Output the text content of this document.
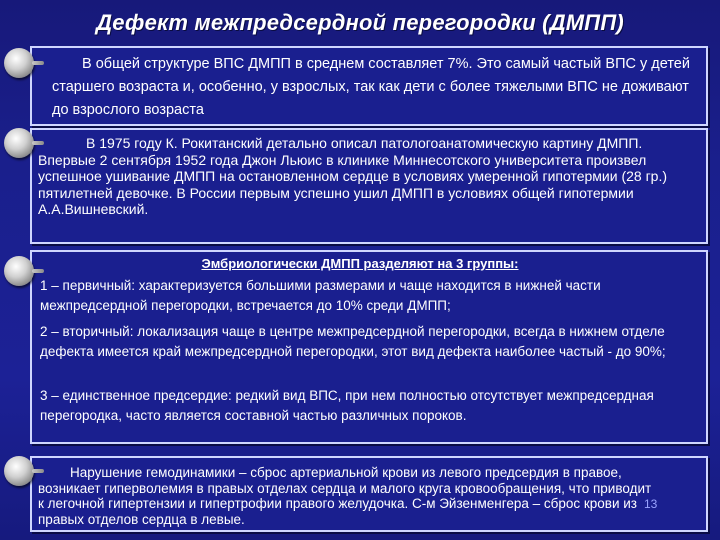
Дефект межпредсердной перегородки (ДМПП)
В общей структуре ВПС ДМПП в среднем составляет 7%. Это самый частый ВПС у детей старшего возраста и, особенно, у взрослых, так как дети с более тяжелыми ВПС не доживают до взрослого возраста
В 1975 году К. Рокитанский детально описал патологоанатомическую картину ДМПП. Впервые 2 сентября 1952 года Джон Льюис в клинике Миннесотского университета произвел успешное ушивание ДМПП на остановленном сердце в условиях умеренной гипотермии (28 гр.) пятилетней девочке. В России первым успешно ушил ДМПП в условиях общей гипотермии А.А.Вишневский.
Эмбриологически ДМПП разделяют на 3 группы:
1 – первичный: характеризуется большими размерами и чаще находится в нижней части межпредсердной перегородки, встречается до 10% среди ДМПП;
2 – вторичный: локализация чаще в центре межпредсердной перегородки, всегда в нижнем отделе дефекта имеется край межпредсердной перегородки, этот вид дефекта наиболее частый - до 90%;
3 – единственное предсердие: редкий вид ВПС, при нем полностью отсутствует межпредсердная перегородка, часто является составной частью различных пороков.
Нарушение гемодинамики – сброс артериальной крови из левого предсердия в правое, возникает гиперволемия в правых отделах сердца и малого круга кровообращения, что приводит к легочной гипертензии и гипертрофии правого желудочка. С-м Эйзенменгера – сброс крови из правых отделов сердца в левые.
13
